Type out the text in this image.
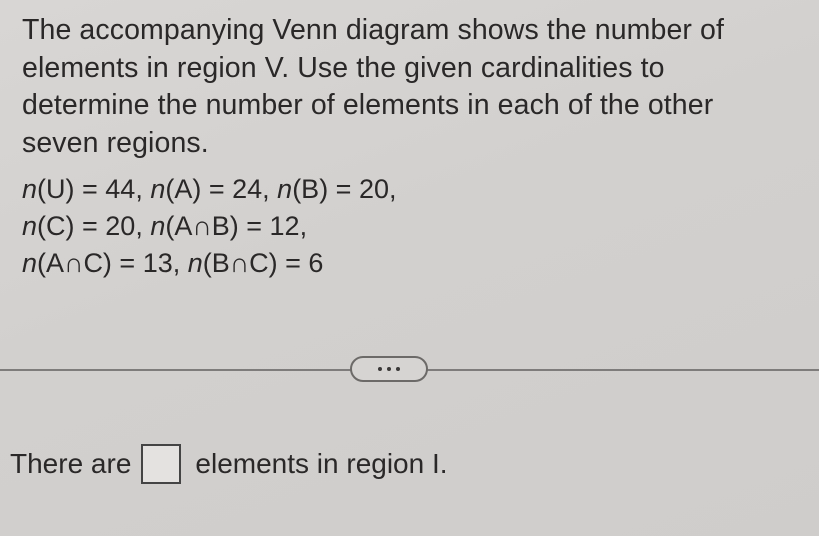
The accompanying Venn diagram shows the number of elements in region V. Use the given cardinalities to determine the number of elements in each of the other seven regions.

n(U) = 44, n(A) = 24, n(B) = 20,
n(C) = 20, n(A∩B) = 12,
n(A∩C) = 13, n(B∩C) = 6
There are elements in region I.
